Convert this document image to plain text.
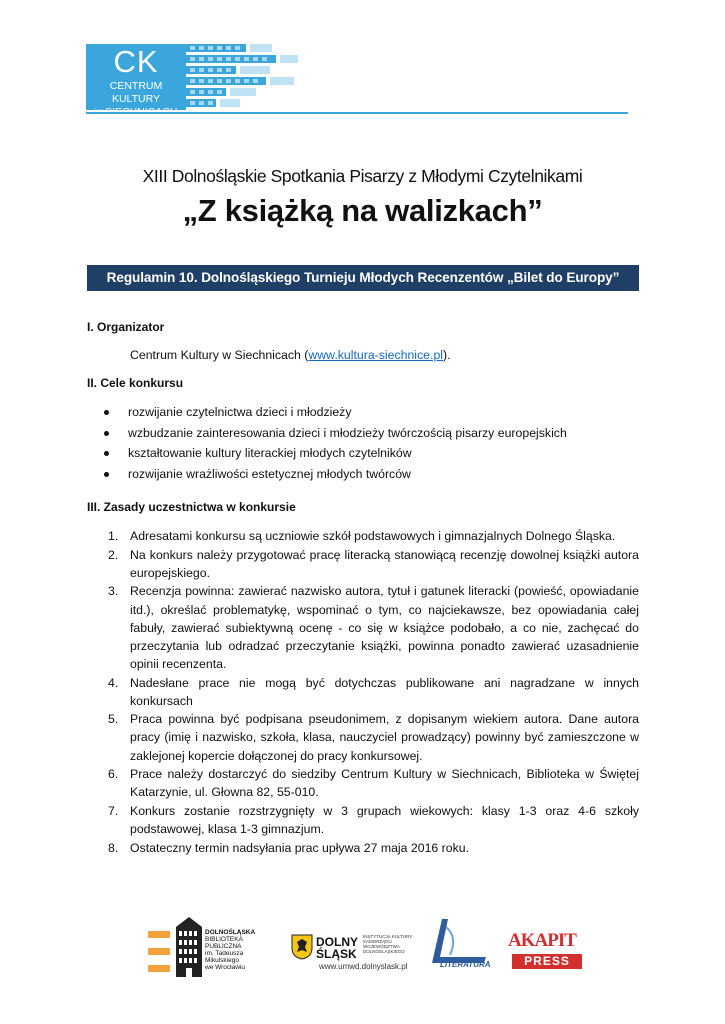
CK
CENTRUM KULTURY
XIII Dolnośląskie Spotkania Pisarzy z Młodymi Czytelnikami
„Z książką na walizkach”
Regulamin 10. Dolnośląskiego Turnieju Młodych Recenzentów „Bilet do Europy”
I. Organizator
Centrum Kultury w Siechnicach (www.kultura-siechnice.pl).
II. Cele konkursu
rozwijanie czytelnictwa dzieci i młodzieży
wzbudzanie zainteresowania dzieci i młodzieży twórczością pisarzy europejskich
kształtowanie kultury literackiej młodych czytelników
rozwijanie wrażliwości estetycznej młodych twórców
III. Zasady uczestnictwa w konkursie
1. Adresatami konkursu są uczniowie szkół podstawowych i gimnazjalnych Dolnego Śląska.
2. Na konkurs należy przygotować pracę literacką stanowiącą recenzję dowolnej książki autora europejskiego.
3. Recenzja powinna: zawierać nazwisko autora, tytuł i gatunek literacki (powieść, opowiadanie itd.), określać problematykę, wspominać o tym, co najciekawsze, bez opowiadania całej fabuły, zawierać subiektywną ocenę - co się w książce podobało, a co nie, zachęcać do przeczytania lub odradzać przeczytanie książki, powinna ponadto zawierać uzasadnienie opinii recenzenta.
4. Nadesłane prace nie mogą być dotychczas publikowane ani nagradzane w innych konkursach
5. Praca powinna być podpisana pseudonimem, z dopisanym wiekiem autora. Dane autora pracy (imię i nazwisko, szkoła, klasa, nauczyciel prowadzący) powinny być zamieszczone w zaklejonej kopercie dołączonej do pracy konkursowej.
6. Prace należy dostarczyć do siedziby Centrum Kultury w Siechnicach, Biblioteka w Świętej Katarzynie, ul. Głowna 82, 55-010.
7. Konkurs zostanie rozstrzygnięty w 3 grupach wiekowych: klasy 1-3 oraz 4-6 szkoły podstawowej, klasa 1-3 gimnazjum.
8. Ostateczny termin nadsyłania prac upływa 27 maja 2016 roku.
DOLNOŚLĄSKA
BIBLIOTEKA PUBLICZNA
im. Tadeusza Mikulskiego
we Wrocławiu
DOLNY
ŚLĄSK
INSTYTUCJA KULTURY
SAMORZĄDU
WOJEWÓDZTWA
DOLNOŚLĄSKIEGO
www.umwd.dolnyslask.pl	LITERATURA
AKAPIT
PRESS
